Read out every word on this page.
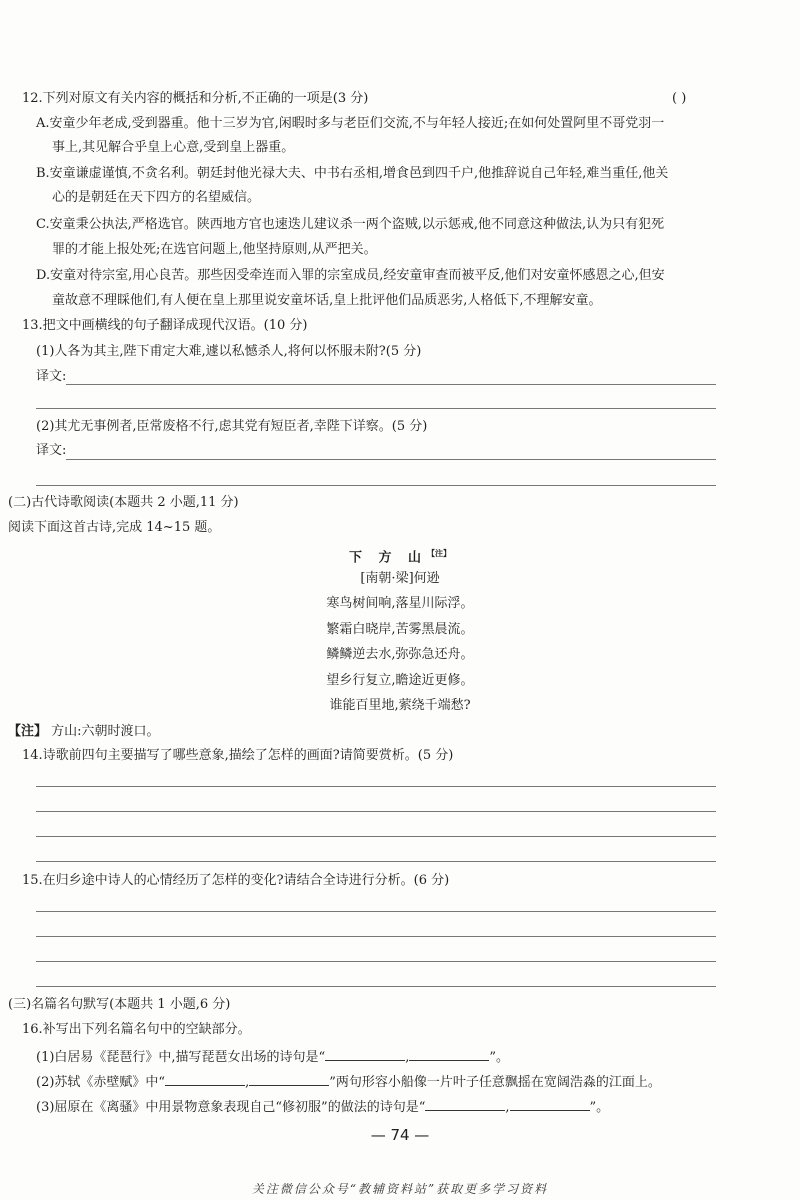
12.下列对原文有关内容的概括和分析,不正确的一项是(3 分)	( )
A.安童少年老成,受到器重。他十三岁为官,闲暇时多与老臣们交流,不与年轻人接近;在如何处置阿里不哥党羽一
事上,其见解合乎皇上心意,受到皇上器重。
B.安童谦虚谨慎,不贪名利。朝廷封他光禄大夫、中书右丞相,增食邑到四千户,他推辞说自己年轻,难当重任,他关
心的是朝廷在天下四方的名望威信。
C.安童秉公执法,严格选官。陕西地方官也速迭儿建议杀一两个盗贼,以示惩戒,他不同意这种做法,认为只有犯死
罪的才能上报处死;在选官问题上,他坚持原则,从严把关。
D.安童对待宗室,用心良苦。那些因受牵连而入罪的宗室成员,经安童审查而被平反,他们对安童怀感恩之心,但安
童故意不理睬他们,有人便在皇上那里说安童坏话,皇上批评他们品质恶劣,人格低下,不理解安童。
13.把文中画横线的句子翻译成现代汉语。(10 分)
(1)人各为其主,陛下甫定大难,遽以私憾杀人,将何以怀服未附?(5 分)
译文:
(2)其尤无事例者,臣常废格不行,虑其党有短臣者,幸陛下详察。(5 分)
译文:
(二)古代诗歌阅读(本题共 2 小题,11 分)
阅读下面这首古诗,完成 14~15 题。
下 方 山$^{【注】}$
[南朝·梁]何逊
寒鸟树间响,落星川际浮。
繁霜白晓岸,苦雾黑晨流。
鳞鳞逆去水,弥弥急还舟。
望乡行复立,瞻途近更修。
谁能百里地,萦绕千端愁?
【注】 方山:六朝时渡口。
14.诗歌前四句主要描写了哪些意象,描绘了怎样的画面?请简要赏析。(5 分)
15.在归乡途中诗人的心情经历了怎样的变化?请结合全诗进行分析。(6 分)
(三)名篇名句默写(本题共 1 小题,6 分)
16.补写出下列名篇名句中的空缺部分。
(1)白居易《琵琶行》中,描写琵琶女出场的诗句是“	,	”。
(2)苏轼《赤壁赋》中“	,	”两句形容小船像一片叶子任意飘摇在宽阔浩淼的江面上。
(3)屈原在《离骚》中用景物意象表现自己“修初服”的做法的诗句是“	,	”。
— 74 —
关注微信公众号“教辅资料站”获取更多学习资料
